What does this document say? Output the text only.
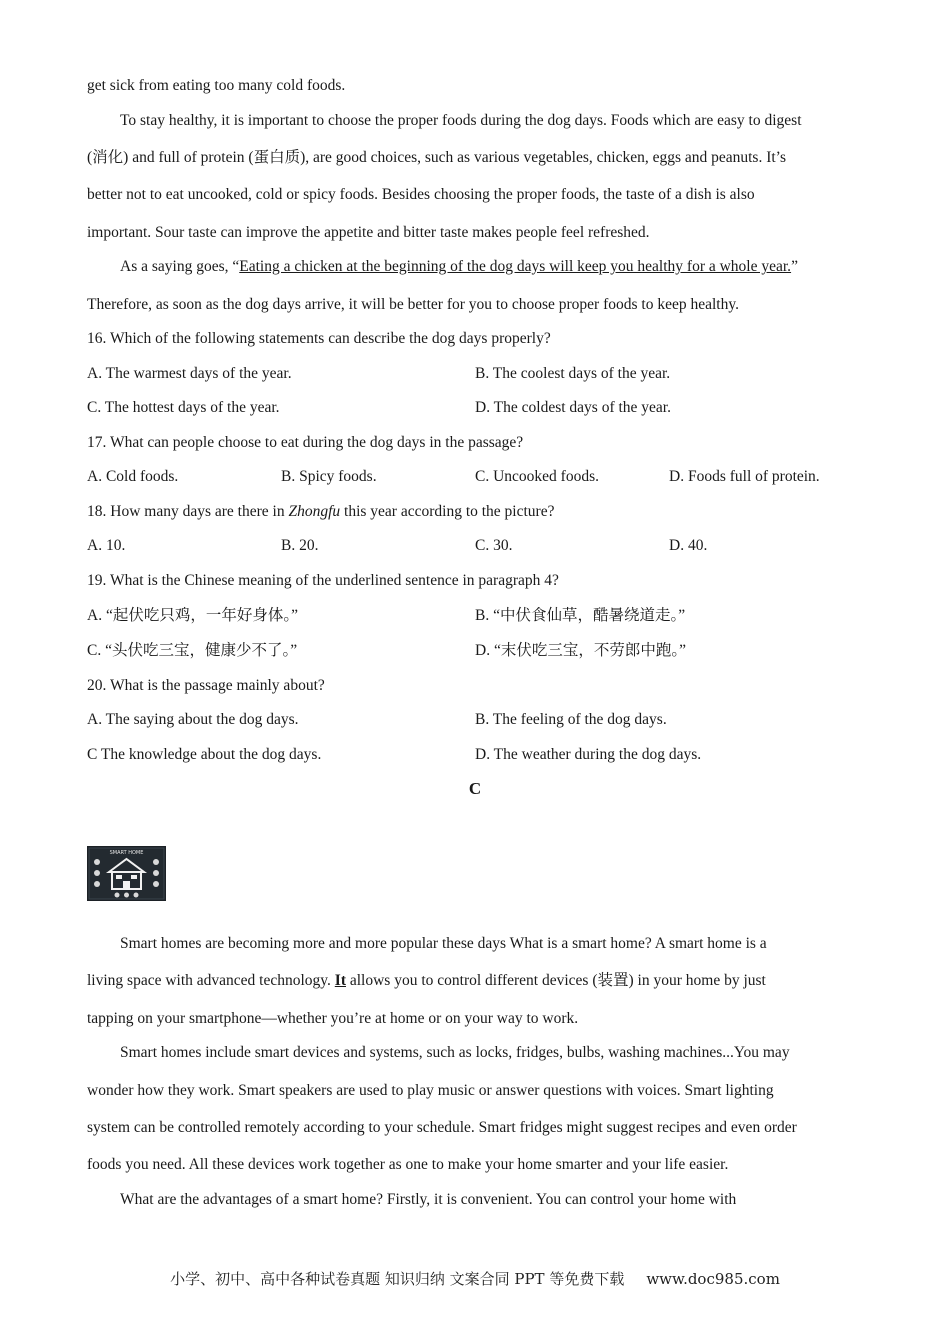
get sick from eating too many cold foods.
To stay healthy, it is important to choose the proper foods during the dog days. Foods which are easy to digest
(消化) and full of protein (蛋白质), are good choices, such as various vegetables, chicken, eggs and peanuts. It’s
better not to eat uncooked, cold or spicy foods. Besides choosing the proper foods, the taste of a dish is also
important. Sour taste can improve the appetite and bitter taste makes people feel refreshed.
As a saying goes, “Eating a chicken at the beginning of the dog days will keep you healthy for a whole year.”
Therefore, as soon as the dog days arrive, it will be better for you to choose proper foods to keep healthy.
16. Which of the following statements can describe the dog days properly?
A. The warmest days of the year.	B. The coolest days of the year.
C. The hottest days of the year.	D. The coldest days of the year.
17. What can people choose to eat during the dog days in the passage?
A. Cold foods.	B. Spicy foods.	C. Uncooked foods.	D. Foods full of protein.
18. How many days are there in Zhongfu this year according to the picture?
A. 10.	B. 20.	C. 30.	D. 40.
19. What is the Chinese meaning of the underlined sentence in paragraph 4?
A. “起伏吃只鸡，一年好身体。”	B. “中伏食仙草，酷暑绕道走。”
C. “头伏吃三宝，健康少不了。”	D. “末伏吃三宝，不劳郎中跑。”
20. What is the passage mainly about?
A. The saying about the dog days.	B. The feeling of the dog days.
C The knowledge about the dog days.	D. The weather during the dog days.
C
SMART HOME
Smart homes are becoming more and more popular these days What is a smart home? A smart home is a
living space with advanced technology. It allows you to control different devices (装置) in your home by just
tapping on your smartphone—whether you’re at home or on your way to work.
Smart homes include smart devices and systems, such as locks, fridges, bulbs, washing machines...You may
wonder how they work. Smart speakers are used to play music or answer questions with voices. Smart lighting
system can be controlled remotely according to your schedule. Smart fridges might suggest recipes and even order
foods you need. All these devices work together as one to make your home smarter and your life easier.
What are the advantages of a smart home? Firstly, it is convenient. You can control your home with
小学、初中、高中各种试卷真题 知识归纳 文案合同 PPT 等免费下载 www.doc985.com
